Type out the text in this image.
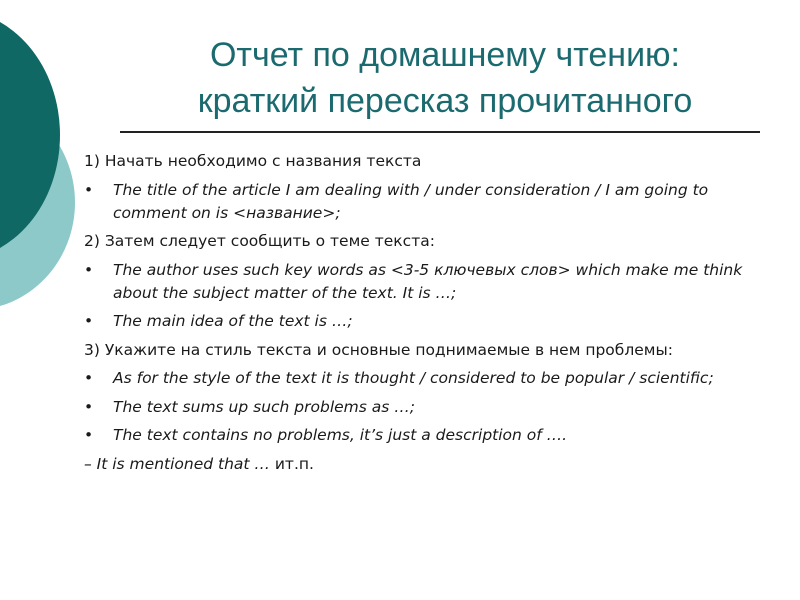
Отчет по домашнему чтению:
краткий пересказ прочитанного

1) Начать необходимо с названия текста

•	The title of the article I am dealing with / under consideration / I am going to comment on is <название>;

2) Затем следует сообщить о теме текста:

•	The author uses such key words as <3-5 ключевых слов> which make me think about the subject matter of the text. It is …;
•	The main idea of the text is …;

3) Укажите на стиль текста и основные поднимаемые в нем проблемы:

•	As for the style of the text it is thought / considered to be popular / scientific;
•	The text sums up such problems as …;
•	The text contains no problems, it’s just a description of ….

– It is mentioned that … ит.п.
